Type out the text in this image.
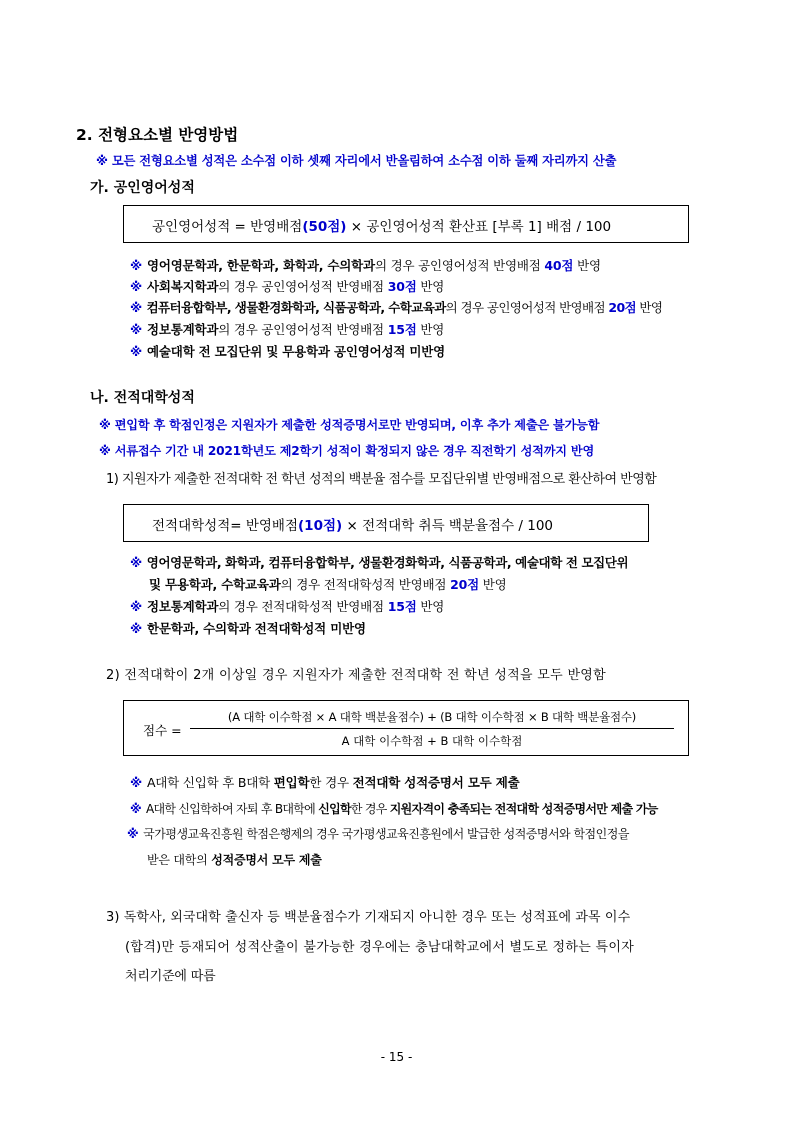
2. 전형요소별 반영방법
※ 모든 전형요소별 성적은 소수점 이하 셋째 자리에서 반올림하여 소수점 이하 둘째 자리까지 산출
가. 공인영어성적
공인영어성적 = 반영배점(50점) × 공인영어성적 환산표 [부록 1] 배점 / 100
※ 영어영문학과, 한문학과, 화학과, 수의학과의 경우 공인영어성적 반영배점 40점 반영
※ 사회복지학과의 경우 공인영어성적 반영배점 30점 반영
※ 컴퓨터융합학부, 생물환경화학과, 식품공학과, 수학교육과의 경우 공인영어성적 반영배점 20점 반영
※ 정보통계학과의 경우 공인영어성적 반영배점 15점 반영
※ 예술대학 전 모집단위 및 무용학과 공인영어성적 미반영
나. 전적대학성적
※ 편입학 후 학점인정은 지원자가 제출한 성적증명서로만 반영되며, 이후 추가 제출은 불가능함
※ 서류접수 기간 내 2021학년도 제2학기 성적이 확정되지 않은 경우 직전학기 성적까지 반영
1) 지원자가 제출한 전적대학 전 학년 성적의 백분율 점수를 모집단위별 반영배점으로 환산하여 반영함
전적대학성적= 반영배점(10점) × 전적대학 취득 백분율점수 / 100
※ 영어영문학과, 화학과, 컴퓨터융합학부, 생물환경화학과, 식품공학과, 예술대학 전 모집단위
및 무용학과, 수학교육과의 경우 전적대학성적 반영배점 20점 반영
※ 정보통계학과의 경우 전적대학성적 반영배점 15점 반영
※ 한문학과, 수의학과 전적대학성적 미반영
2) 전적대학이 2개 이상일 경우 지원자가 제출한 전적대학 전 학년 성적을 모두 반영함
점수 =
(A 대학 이수학점 × A 대학 백분율점수) + (B 대학 이수학점 × B 대학 백분율점수)
A 대학 이수학점 + B 대학 이수학점
※ A대학 신입학 후 B대학 편입학한 경우 전적대학 성적증명서 모두 제출
※ A대학 신입학하여 자퇴 후 B대학에 신입학한 경우 지원자격이 충족되는 전적대학 성적증명서만 제출 가능
※ 국가평생교육진흥원 학점은행제의 경우 국가평생교육진흥원에서 발급한 성적증명서와 학점인정을
받은 대학의 성적증명서 모두 제출
3) 독학사, 외국대학 출신자 등 백분율점수가 기재되지 아니한 경우 또는 성적표에 과목 이수
(합격)만 등재되어 성적산출이 불가능한 경우에는 충남대학교에서 별도로 정하는 특이자
처리기준에 따름
- 15 -
